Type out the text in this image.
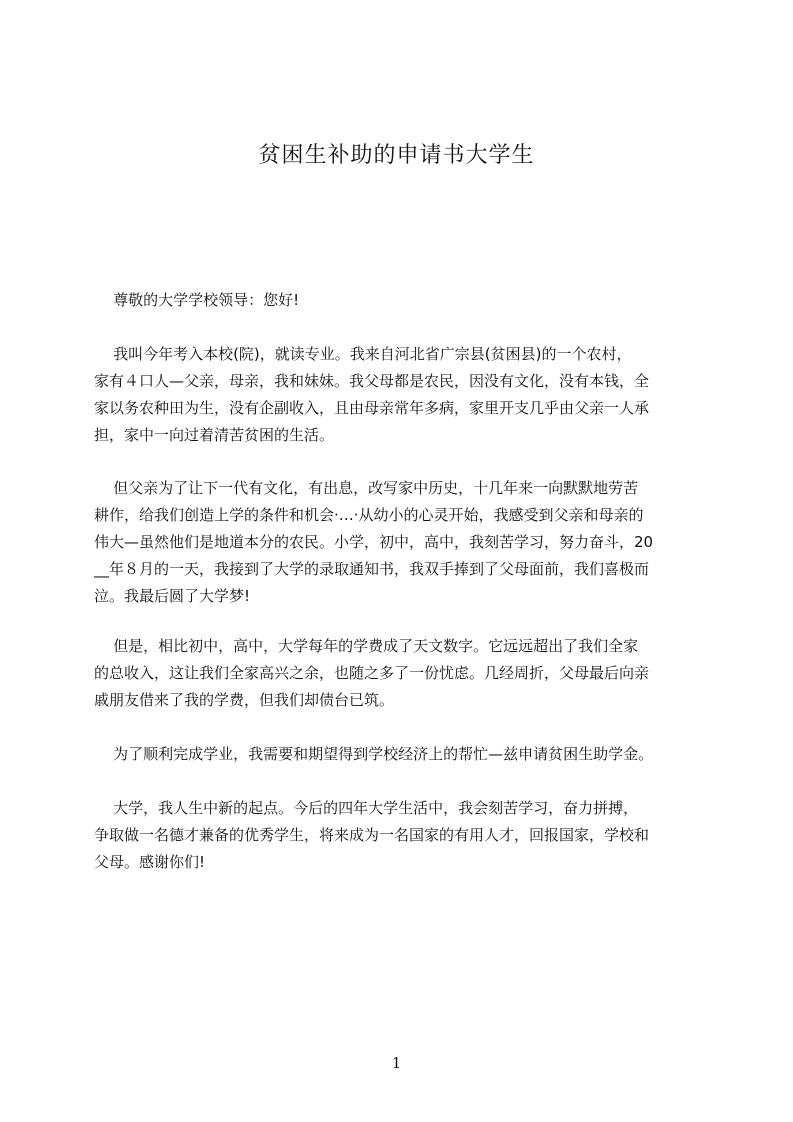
贫困生补助的申请书大学生
尊敬的大学学校领导：您好!
我叫今年考入本校(院)，就读专业。我来自河北省广宗县(贫困县)的一个农村，
家有４口人—父亲，母亲，我和妹妹。我父母都是农民，因没有文化，没有本钱，全
家以务农种田为生，没有企副收入，且由母亲常年多病，家里开支几乎由父亲一人承
担，家中一向过着清苦贫困的生活。
但父亲为了让下一代有文化，有出息，改写家中历史，十几年来一向默默地劳苦
耕作，给我们创造上学的条件和机会·…·从幼小的心灵开始，我感受到父亲和母亲的
伟大—虽然他们是地道本分的农民。小学，初中，高中，我刻苦学习，努力奋斗，20
__年８月的一天，我接到了大学的录取通知书，我双手捧到了父母面前，我们喜极而
泣。我最后圆了大学梦!
但是，相比初中，高中，大学每年的学费成了天文数字。它远远超出了我们全家
的总收入，这让我们全家高兴之余，也随之多了一份忧虑。几经周折，父母最后向亲
戚朋友借来了我的学费，但我们却债台已筑。
为了顺利完成学业，我需要和期望得到学校经济上的帮忙—兹申请贫困生助学金。
大学，我人生中新的起点。今后的四年大学生活中，我会刻苦学习，奋力拼搏，
争取做一名德才兼备的优秀学生，将来成为一名国家的有用人才，回报国家，学校和
父母。感谢你们!
1
